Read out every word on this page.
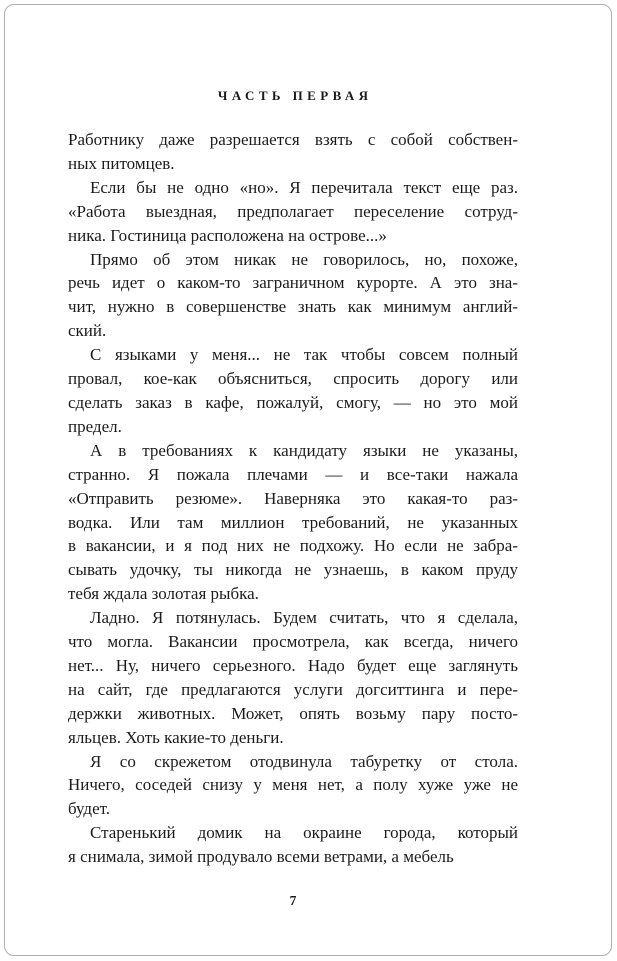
ЧАСТЬ ПЕРВАЯ
Работнику даже разрешается взять с собой собствен-
ных питомцев.
Если бы не одно «но». Я перечитала текст еще раз.
«Работа выездная, предполагает переселение сотруд-
ника. Гостиница расположена на острове...»
Прямо об этом никак не говорилось, но, похоже,
речь идет о каком-то заграничном курорте. А это зна-
чит, нужно в совершенстве знать как минимум англий-
ский.
С языками у меня... не так чтобы совсем полный
провал, кое-как объясниться, спросить дорогу или
сделать заказ в кафе, пожалуй, смогу, — но это мой
предел.
А в требованиях к кандидату языки не указаны,
странно. Я пожала плечами — и все-таки нажала
«Отправить резюме». Наверняка это какая-то раз-
водка. Или там миллион требований, не указанных
в вакансии, и я под них не подхожу. Но если не забра-
сывать удочку, ты никогда не узнаешь, в каком пруду
тебя ждала золотая рыбка.
Ладно. Я потянулась. Будем считать, что я сделала,
что могла. Вакансии просмотрела, как всегда, ничего
нет... Ну, ничего серьезного. Надо будет еще заглянуть
на сайт, где предлагаются услуги догситтинга и пере-
держки животных. Может, опять возьму пару посто-
яльцев. Хоть какие-то деньги.
Я со скрежетом отодвинула табуретку от стола.
Ничего, соседей снизу у меня нет, а полу хуже уже не
будет.
Старенький домик на окраине города, который
я снимала, зимой продувало всеми ветрами, а мебель
7
